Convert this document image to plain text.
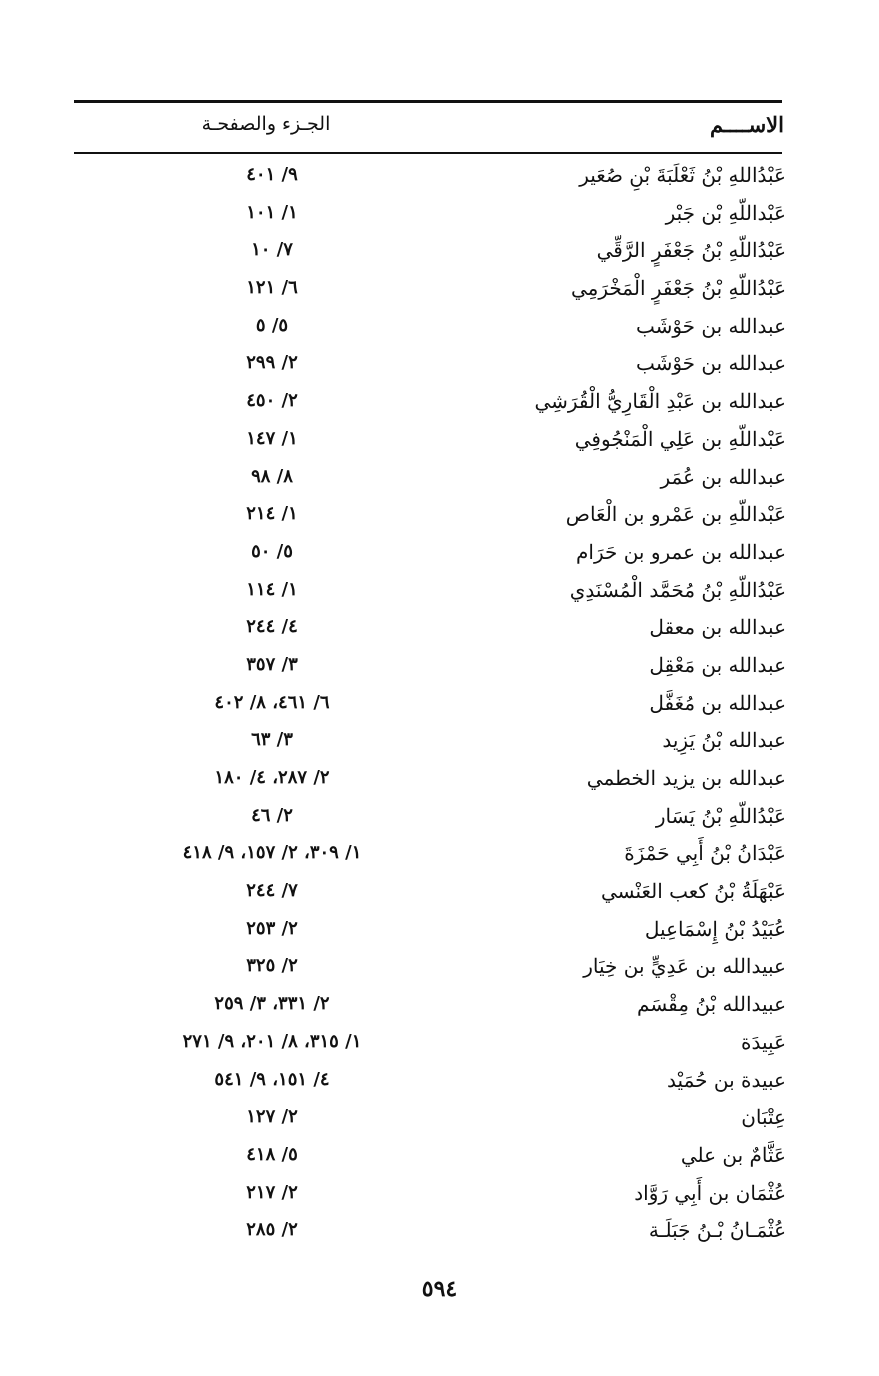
الاســــم
الجـزء والصفحـة
عَبْدُاللهِ بْنُ ثَعْلَبَةَ بْنِ صُعَير
٩/ ٤٠١
عَبْداللّهِ بْن جَبْر
١/ ١٠١
عَبْدُاللّهِ بْنُ جَعْفَرٍ الرَّقِّي
٧/ ١٠
عَبْدُاللّهِ بْنُ جَعْفَرٍ الْمَخْرَمِي
٦/ ١٢١
عبدالله بن حَوْشَب
٥/ ٥
عبدالله بن حَوْشَب
٢/ ٢٩٩
عبدالله بن عَبْدِ الْقَارِيُّ الْقُرَشِي
٢/ ٤٥٠
عَبْداللّهِ بن عَلِي الْمَنْجُوفِي
١/ ١٤٧
عبدالله بن عُمَر
٨/ ٩٨
عَبْداللّهِ بن عَمْرو بن الْعَاص
١/ ٢١٤
عبدالله بن عمرو بن حَرَام
٥/ ٥٠
عَبْدُاللّهِ بْنُ مُحَمَّد الْمُسْنَدِي
١/ ١١٤
عبدالله بن معقل
٤/ ٢٤٤
عبدالله بن مَعْقِل
٣/ ٣٥٧
عبدالله بن مُغَفَّل
٦/ ٤٦١، ٨/ ٤٠٢
عبدالله بْنُ يَزِيد
٣/ ٦٣
عبدالله بن يزيد الخطمي
٢/ ٢٨٧، ٤/ ١٨٠
عَبْدُاللّهِ بْنُ يَسَار
٢/ ٤٦
عَبْدَانُ بْنُ أَبِي حَمْزَةَ
١/ ٣٠٩، ٢/ ١٥٧، ٩/ ٤١٨
عَبْهَلَةُ بْنُ كعب العَنْسي
٧/ ٢٤٤
عُبَيْدُ بْنُ إِسْمَاعِيل
٢/ ٢٥٣
عبيدالله بن عَدِيٍّ بن خِيَار
٢/ ٣٢٥
عبيدالله بْنُ مِقْسَم
٢/ ٣٣١، ٣/ ٢٥٩
عَبِيدَة
١/ ٣١٥، ٨/ ٢٠١، ٩/ ٢٧١
عبيدة بن حُمَيْد
٤/ ١٥١، ٩/ ٥٤١
عِتْبَان
٢/ ١٢٧
عَثَّامٌ بن علي
٥/ ٤١٨
عُثْمَان بن أَبِي رَوَّاد
٢/ ٢١٧
عُثْمَـانُ بْـنُ جَبَلَـة
٢/ ٢٨٥
٥٩٤
